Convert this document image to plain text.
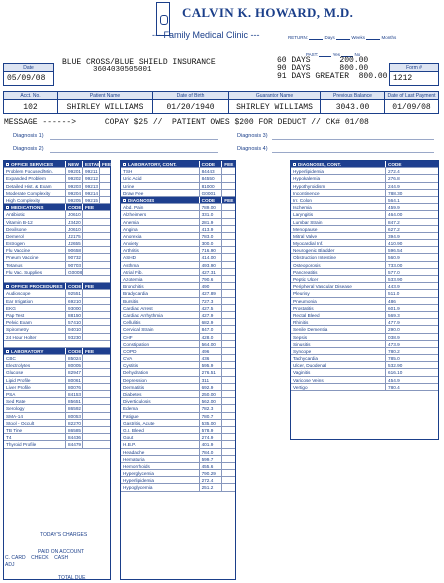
CALVIN K. HOWARD, M.D.
--- Family Medical Clinic ---	RETURN:	Days	Weeks	Months
PAST:	Yes	No
BLUE CROSS/BLUE SHIELD INSURANCE
3604030505001
60 DAYS      200.00
90 DAYS      800.00
91 DAYS GREATER  800.00
Date
05/09/08
Form #
1212
Acct. No.
102
Patient Name
SHIRLEY WILLIAMS
Date of Birth
01/20/1940
Guarantor Name
SHIRLEY WILLIAMS
Previous Balance
3043.00
Date of Last Payment
01/09/08
MESSAGE ------>      COPAY $25 //  PATIENT OWES $200 FOR DEDUCT // CK# 01/08
Diagnosis 1)	Diagnosis 3)
Diagnosis 2)	Diagnosis 4)
OFFICE SERVICES	NEW	ESTAB FEE
Problem Focused/Min.	99201 99211
Expanded Problem	99202 99212
Detailed Hist. & Exam	99203 99213
Moderate Complexity	99204 99214
High Complexity	99205 99215
MEDICATIONS	CODE FEE
Antibiotic	J0610
Vitamin B-12	J3420
Dexilsone	J0610
Demerol	J2175
Estrogen	J2655
Flu Vaccine	90658
Pneum Vaccine	90732
Tetanus	90703
Flu Vac. Supplies	G0008
OFFICE PROCEDURES	CODE FEE
Audioscope	92551
Ear Irrigation	69210
EKG	93000
Pap Test	88150
Pelvic Exam	57410
Spirometry	94010
24 Hour Holter	93230
LABORATORY	CODE FEE
CBC	85024
Electrolytes	80005
Glucose	82947
Lipid Profile	80061
Liver Profile	80076
PSA	84153
Sed Rate	85651
Serology	86592
SMA-14	80053
Stool - Occult	82270
TB Tine	86585
T4	84436
Thyroid Profile	84479
TODAY'S CHARGES
PAID ON ACCOUNT
C. CARD    CHECK    CASH
ADJ
TOTAL DUE
LABORATORY, CONT.	CODE	FEE
TSH	84443
Uric Acid	84550
Urine	81000
Draw Fee	G0001
DIAGNOSIS	CODE	FEE
Abd. Pain	789.00
Alzheimers	331.0
Anemia	281.9
Angina	413.9
Anorexia	783.0
Anxiety	300.0
Arthritis	716.90
ASHD	414.00
Asthma	493.90
Atrial Fib.	427.31
Azotemia	790.6
Bronchitis	490
Bradycardia	427.89
Bursitis	727.3
Cardiac Arrest	427.5
Cardiac Arrhythmia	427.9
Cellulitis	682.9
Cervical Strain	847.0
CHF	428.0
Constipation	564.00
COPD	496
CVA	436
Cystitis	595.9
Dehydration	276.51
Depression	311
Dermatitis	692.9
Diabetes	250.00
Diverticulosis	562.00
Edema	782.3
Fatigue	780.7
Gastritis, Acute	535.00
G.I. Bleed	578.9
Gout	274.9
H.B.P.	401.9
Headache	784.0
Hematuria	599.7
Hemorrhoids	455.6
Hyperglycemia	790.29
Hyperlipidemia	272.4
Hypoglycemia	251.2
DIAGNOSIS, CONT.	CODE
Hyperlipidemia	272.4
Hypokalemia	276.8
Hypothyroidism	244.9
Incontinence	788.30
Irr. Colon	564.1
Ischemia	459.9
Laryngitis	464.00
Lumbar Strain	847.2
Menopause	627.2
Mitral Valve	394.9
Myocardial Inf.	410.90
Neurogenic Bladder	596.54
Obstruction Intestine	560.9
Osteoporosis	733.00
Pancreatitis	577.0
Peptic Ulcer	533.90
Peripheral Vascular Disease	443.9
Pleurisy	511.0
Pneumonia	486
Prostatitis	601.9
Rectal Bleed	569.3
Rhinitis	477.9
Senile Dementia	290.0
Sepsis	038.9
Sinusitis	473.9
Syncope	780.2
Tachycardia	785.0
Ulcer, Duodenal	532.90
Vaginitis	616.10
Varicose Veins	454.9
Vertigo	780.4
